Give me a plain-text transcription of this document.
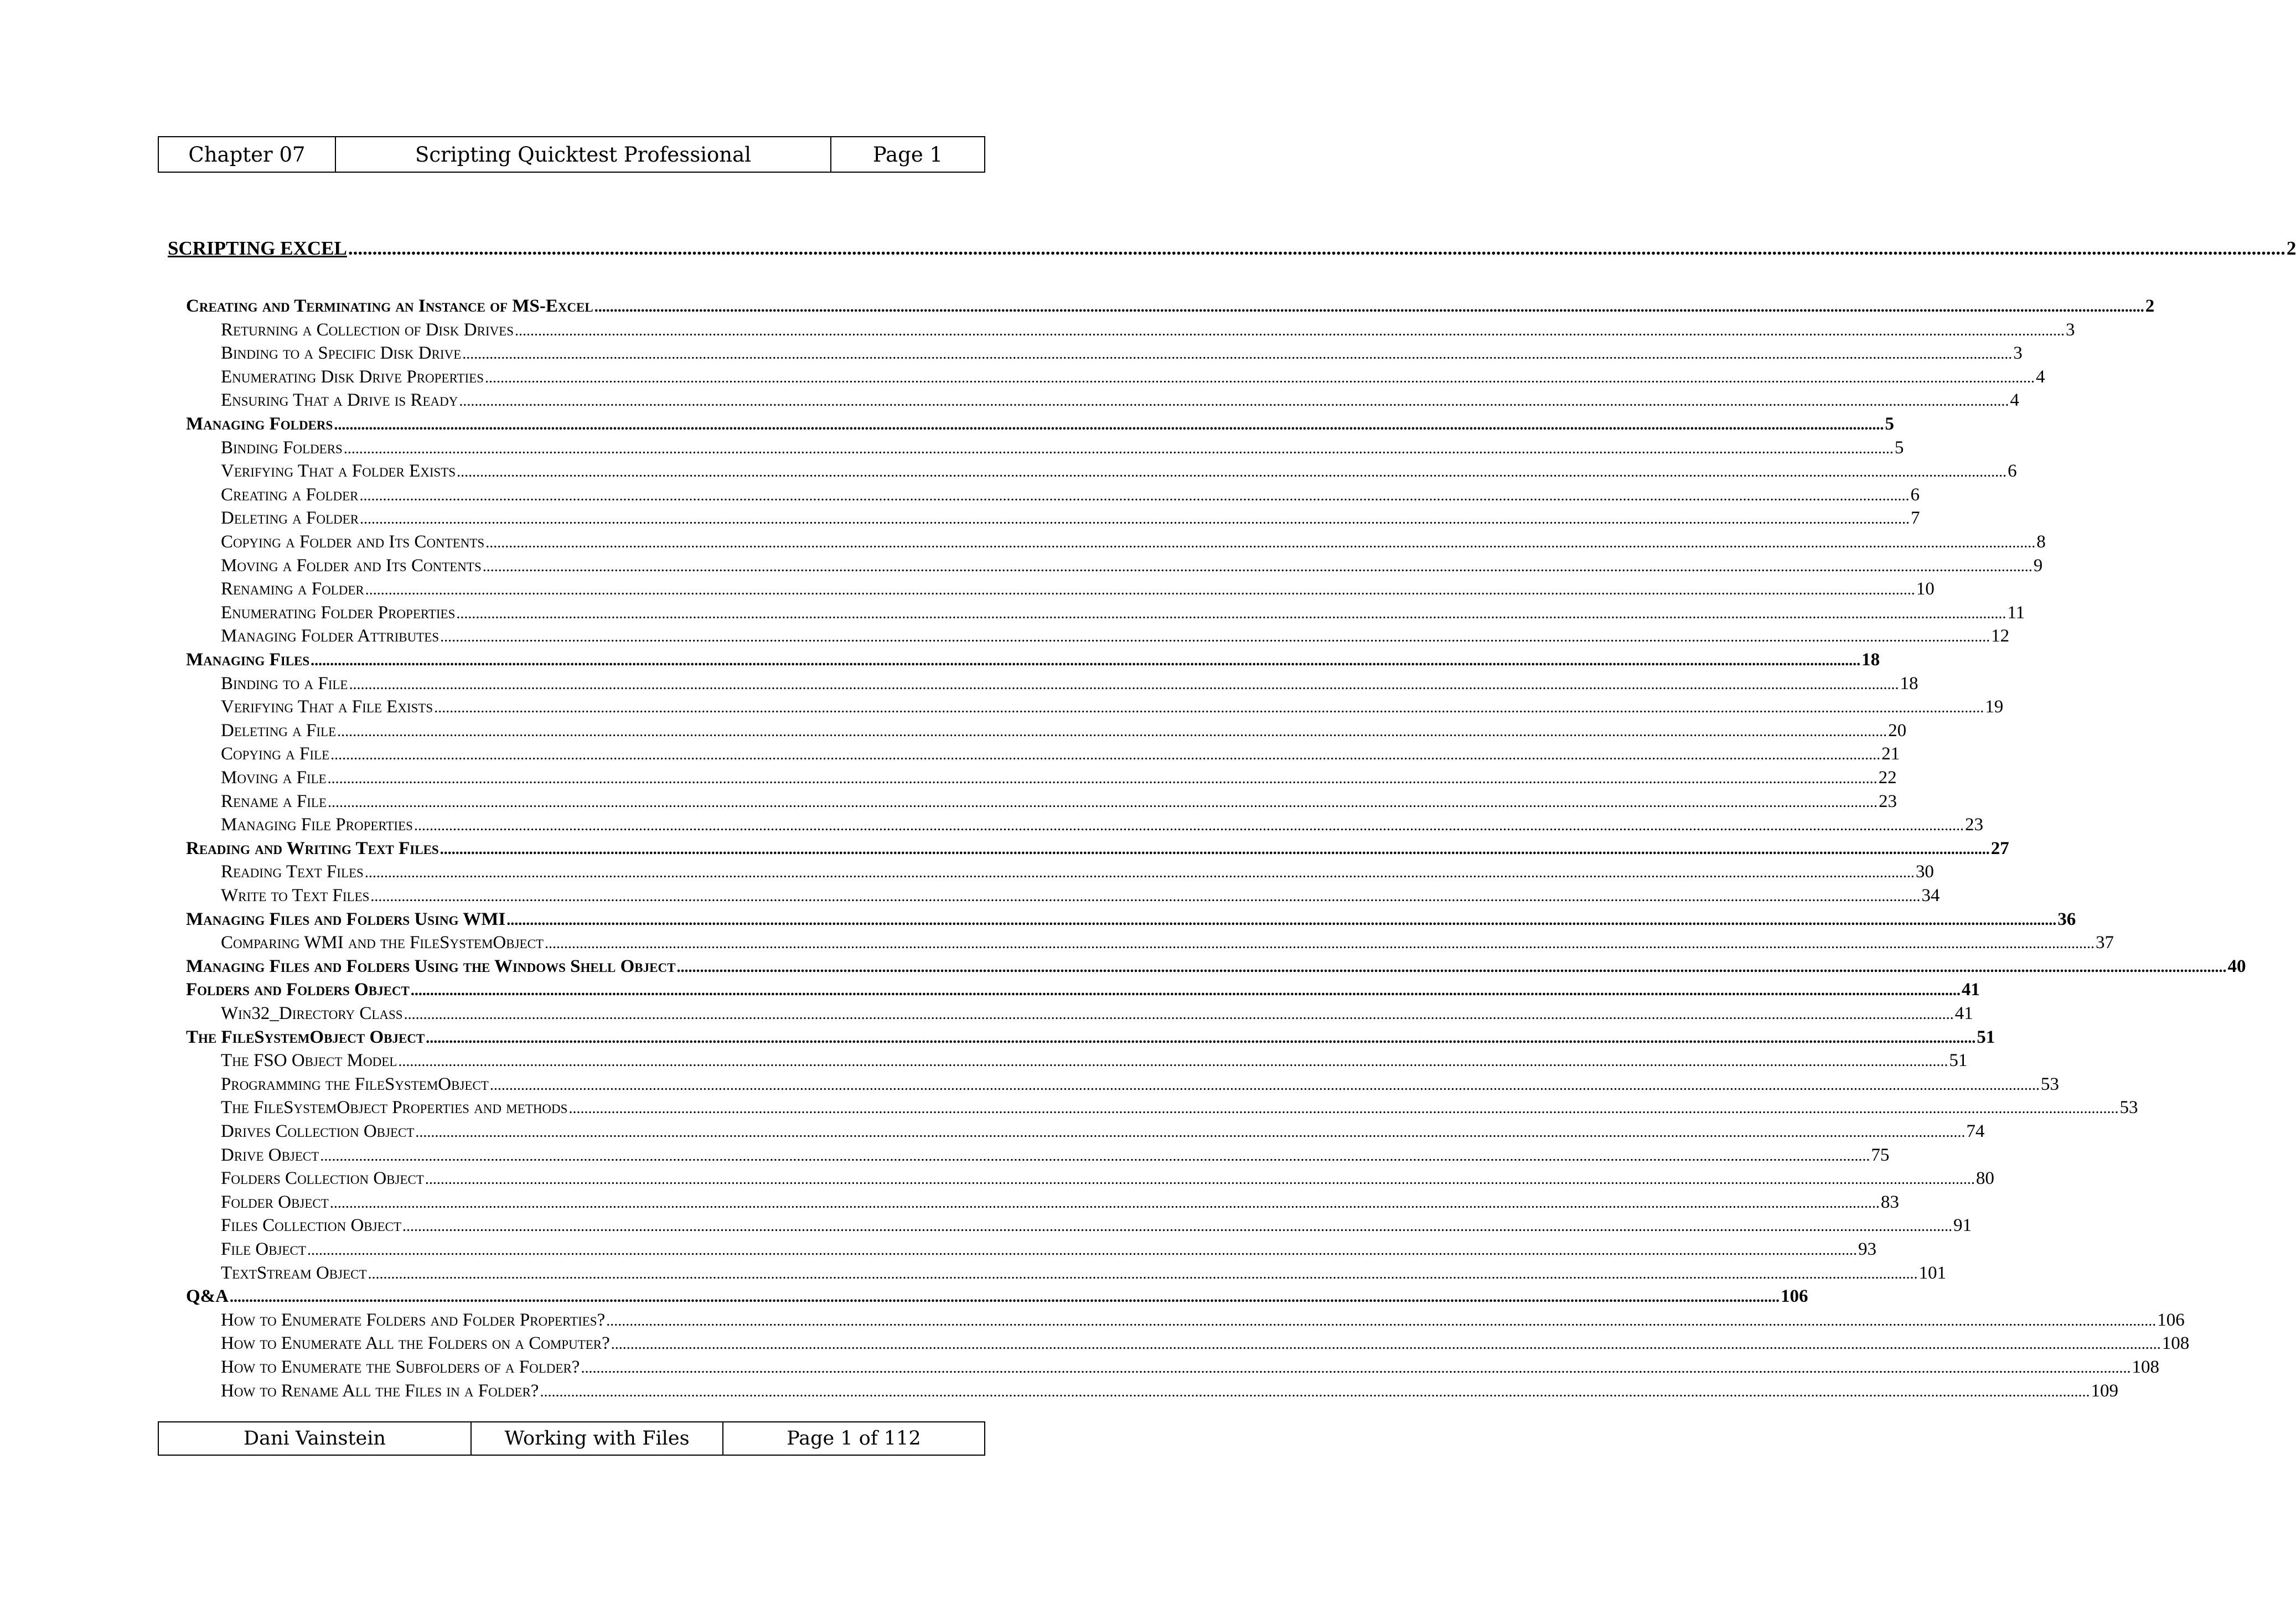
Chapter 07	Scripting Quicktest Professional	Page 1
SCRIPTING EXCEL ................................................................................................................................................................................................................................................................................................................................................................................................................ 2
Creating and Terminating an Instance of MS-Excel ................................................................................................................................................................................................................................................................................................................................................................................................................ 2
Returning a Collection of Disk Drives ................................................................................................................................................................................................................................................................................................................................................................................................................ 3
Binding to a Specific Disk Drive ................................................................................................................................................................................................................................................................................................................................................................................................................ 3
Enumerating Disk Drive Properties ................................................................................................................................................................................................................................................................................................................................................................................................................ 4
Ensuring That a Drive is Ready ................................................................................................................................................................................................................................................................................................................................................................................................................ 4
Managing Folders ................................................................................................................................................................................................................................................................................................................................................................................................................ 5
Binding Folders ................................................................................................................................................................................................................................................................................................................................................................................................................ 5
Verifying That a Folder Exists ................................................................................................................................................................................................................................................................................................................................................................................................................ 6
Creating a Folder ................................................................................................................................................................................................................................................................................................................................................................................................................ 6
Deleting a Folder ................................................................................................................................................................................................................................................................................................................................................................................................................ 7
Copying a Folder and Its Contents ................................................................................................................................................................................................................................................................................................................................................................................................................ 8
Moving a Folder and Its Contents ................................................................................................................................................................................................................................................................................................................................................................................................................ 9
Renaming a Folder ................................................................................................................................................................................................................................................................................................................................................................................................................ 10
Enumerating Folder Properties ................................................................................................................................................................................................................................................................................................................................................................................................................ 11
Managing Folder Attributes ................................................................................................................................................................................................................................................................................................................................................................................................................ 12
Managing Files ................................................................................................................................................................................................................................................................................................................................................................................................................ 18
Binding to a File ................................................................................................................................................................................................................................................................................................................................................................................................................ 18
Verifying That a File Exists ................................................................................................................................................................................................................................................................................................................................................................................................................ 19
Deleting a File ................................................................................................................................................................................................................................................................................................................................................................................................................ 20
Copying a File ................................................................................................................................................................................................................................................................................................................................................................................................................ 21
Moving a File ................................................................................................................................................................................................................................................................................................................................................................................................................ 22
Rename a File ................................................................................................................................................................................................................................................................................................................................................................................................................ 23
Managing File Properties ................................................................................................................................................................................................................................................................................................................................................................................................................ 23
Reading and Writing Text Files ................................................................................................................................................................................................................................................................................................................................................................................................................ 27
Reading Text Files ................................................................................................................................................................................................................................................................................................................................................................................................................ 30
Write to Text Files ................................................................................................................................................................................................................................................................................................................................................................................................................ 34
Managing Files and Folders Using WMI ................................................................................................................................................................................................................................................................................................................................................................................................................ 36
Comparing WMI and the FileSystemObject ................................................................................................................................................................................................................................................................................................................................................................................................................ 37
Managing Files and Folders Using the Windows Shell Object ................................................................................................................................................................................................................................................................................................................................................................................................................ 40
Folders and Folders Object ................................................................................................................................................................................................................................................................................................................................................................................................................ 41
Win32_Directory Class ................................................................................................................................................................................................................................................................................................................................................................................................................ 41
The FileSystemObject Object ................................................................................................................................................................................................................................................................................................................................................................................................................ 51
The FSO Object Model ................................................................................................................................................................................................................................................................................................................................................................................................................ 51
Programming the FileSystemObject ................................................................................................................................................................................................................................................................................................................................................................................................................ 53
The FileSystemObject Properties and methods ................................................................................................................................................................................................................................................................................................................................................................................................................ 53
Drives Collection Object ................................................................................................................................................................................................................................................................................................................................................................................................................ 74
Drive Object ................................................................................................................................................................................................................................................................................................................................................................................................................ 75
Folders Collection Object ................................................................................................................................................................................................................................................................................................................................................................................................................ 80
Folder Object ................................................................................................................................................................................................................................................................................................................................................................................................................ 83
Files Collection Object ................................................................................................................................................................................................................................................................................................................................................................................................................ 91
File Object ................................................................................................................................................................................................................................................................................................................................................................................................................ 93
TextStream Object ................................................................................................................................................................................................................................................................................................................................................................................................................ 101
Q&A ................................................................................................................................................................................................................................................................................................................................................................................................................ 106
How to Enumerate Folders and Folder Properties? ................................................................................................................................................................................................................................................................................................................................................................................................................ 106
How to Enumerate All the Folders on a Computer? ................................................................................................................................................................................................................................................................................................................................................................................................................ 108
How to Enumerate the Subfolders of a Folder? ................................................................................................................................................................................................................................................................................................................................................................................................................ 108
How to Rename All the Files in a Folder? ................................................................................................................................................................................................................................................................................................................................................................................................................ 109
Dani Vainstein	Working with Files	Page 1 of 112
